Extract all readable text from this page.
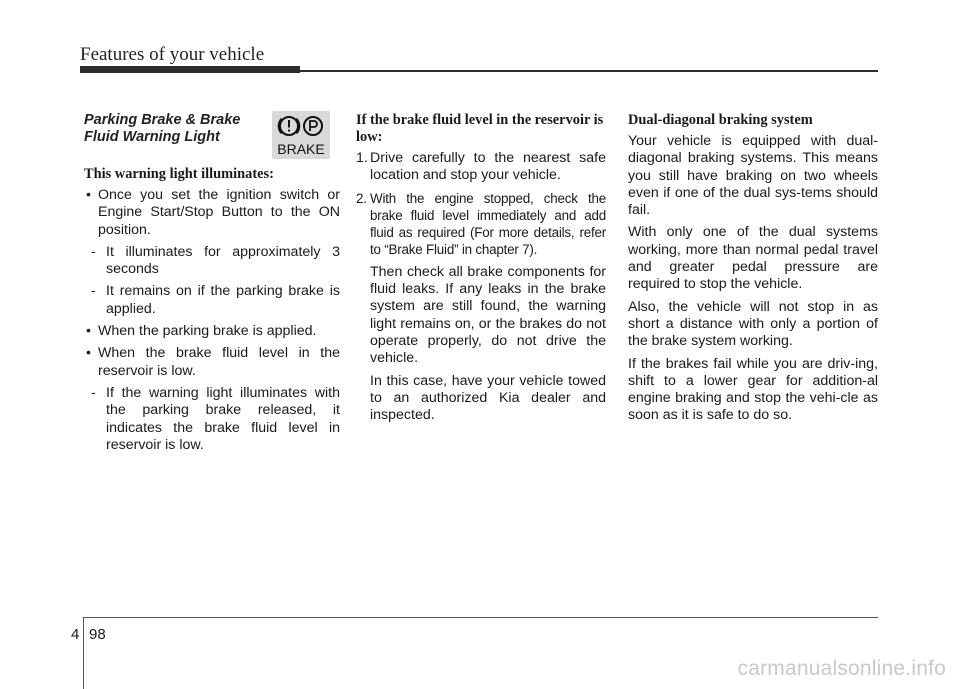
Features of your vehicle
Parking Brake & Brake Fluid Warning Light
This warning light illuminates:
• Once you set the ignition switch or Engine Start/Stop Button to the ON position.
- It illuminates for approximately 3 seconds
- It remains on if the parking brake is applied.
• When the parking brake is applied.
• When the brake fluid level in the reservoir is low.
- If the warning light illuminates with the parking brake released, it indicates the brake fluid level in reservoir is low.
BRAKE
If the brake fluid level in the reservoir is low:
1. Drive carefully to the nearest safe location and stop your vehicle.
2. With the engine stopped, check the brake fluid level immediately and add fluid as required (For more details, refer to “Brake Fluid” in chapter 7).

Then check all brake components for fluid leaks. If any leaks in the brake system are still found, the warning light remains on, or the brakes do not operate properly, do not drive the vehicle.

In this case, have your vehicle towed to an authorized Kia dealer and inspected.

Dual-diagonal braking system

Your vehicle is equipped with dual-diagonal braking systems. This means you still have braking on two wheels even if one of the dual sys-tems should fail.

With only one of the dual systems working, more than normal pedal travel and greater pedal pressure are required to stop the vehicle.

Also, the vehicle will not stop in as short a distance with only a portion of the brake system working.

If the brakes fail while you are driv-ing, shift to a lower gear for addition-al engine braking and stop the vehi-cle as soon as it is safe to do so.

4 98
carmanualsonline.info
